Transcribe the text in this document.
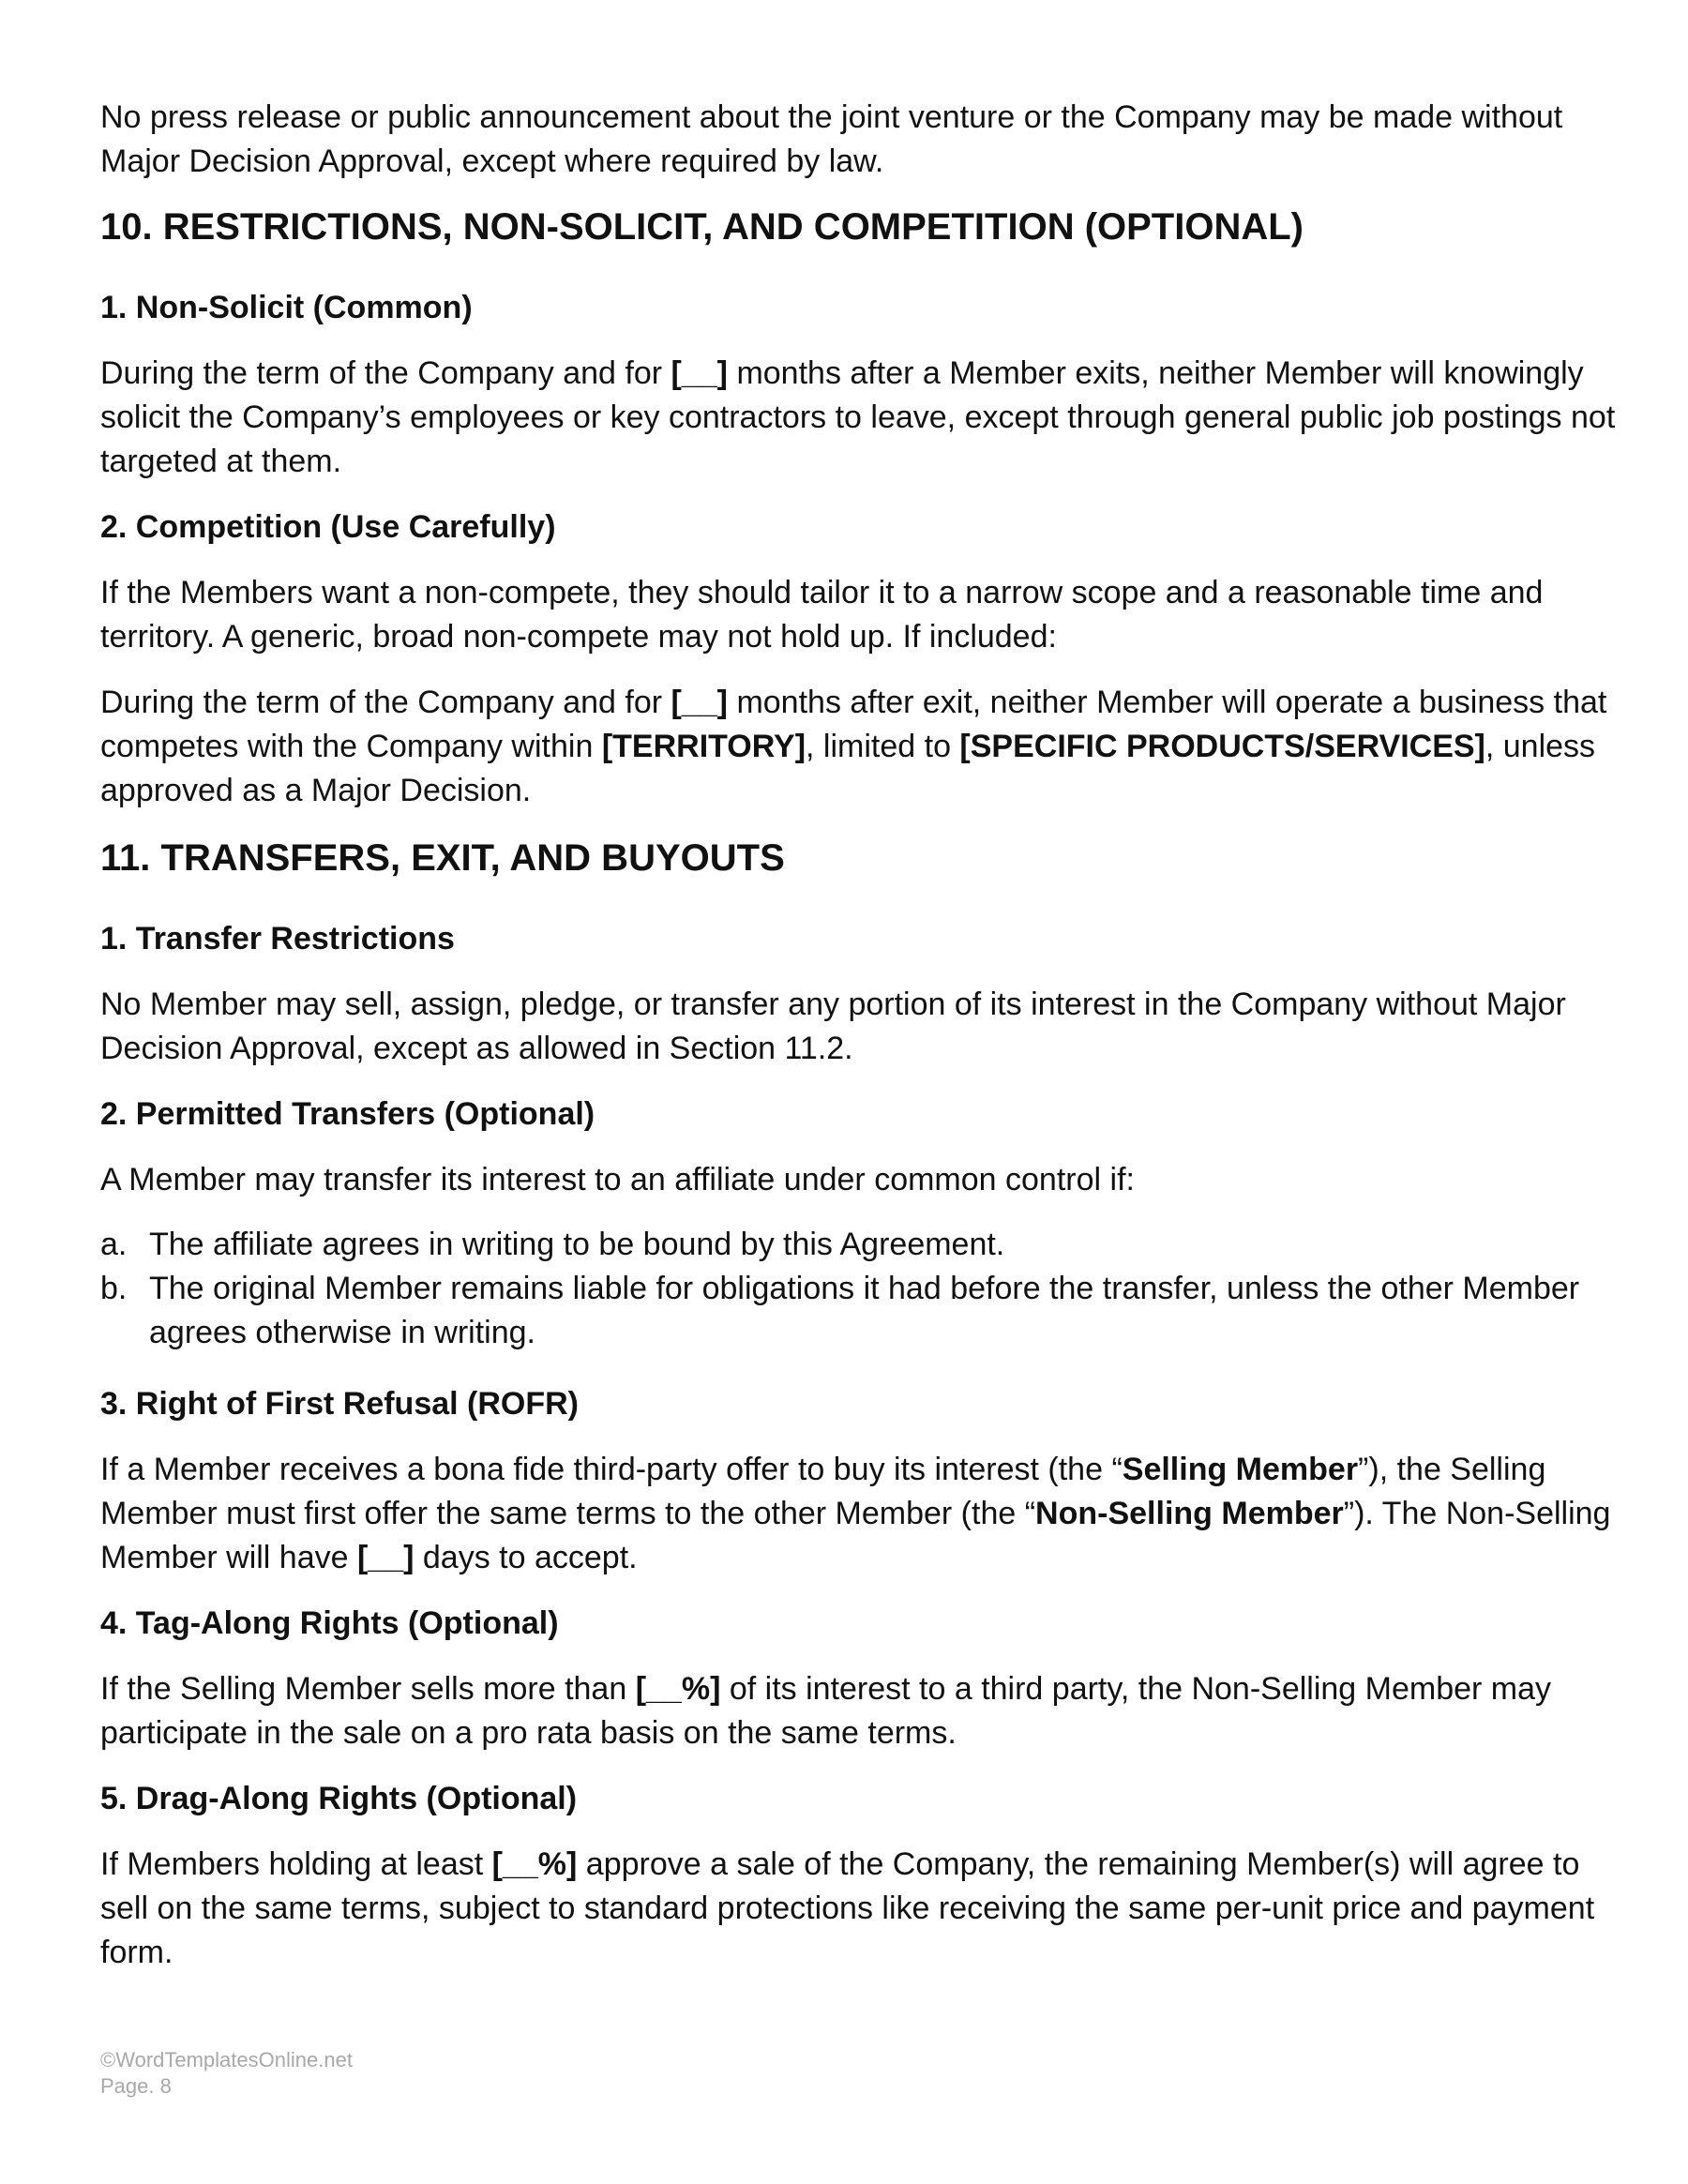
No press release or public announcement about the joint venture or the Company may be made without Major Decision Approval, except where required by law.

10. RESTRICTIONS, NON-SOLICIT, AND COMPETITION (OPTIONAL)
1. Non-Solicit (Common)

During the term of the Company and for [__] months after a Member exits, neither Member will knowingly solicit the Company’s employees or key contractors to leave, except through general public job postings not targeted at them.

2. Competition (Use Carefully)

If the Members want a non-compete, they should tailor it to a narrow scope and a reasonable time and territory. A generic, broad non-compete may not hold up. If included:

During the term of the Company and for [__] months after exit, neither Member will operate a business that competes with the Company within [TERRITORY], limited to [SPECIFIC PRODUCTS/SERVICES], unless approved as a Major Decision.

11. TRANSFERS, EXIT, AND BUYOUTS
1. Transfer Restrictions

No Member may sell, assign, pledge, or transfer any portion of its interest in the Company without Major Decision Approval, except as allowed in Section 11.2.

2. Permitted Transfers (Optional)

A Member may transfer its interest to an affiliate under common control if:

a. The affiliate agrees in writing to be bound by this Agreement.
b. The original Member remains liable for obligations it had before the transfer, unless the other Member agrees otherwise in writing.
3. Right of First Refusal (ROFR)

If a Member receives a bona fide third-party offer to buy its interest (the “Selling Member”), the Selling Member must first offer the same terms to the other Member (the “Non-Selling Member”). The Non-Selling Member will have [__] days to accept.

4. Tag-Along Rights (Optional)

If the Selling Member sells more than [__%] of its interest to a third party, the Non-Selling Member may participate in the sale on a pro rata basis on the same terms.

5. Drag-Along Rights (Optional)

If Members holding at least [__%] approve a sale of the Company, the remaining Member(s) will agree to sell on the same terms, subject to standard protections like receiving the same per-unit price and payment form.

©WordTemplatesOnline.net
Page. 8
